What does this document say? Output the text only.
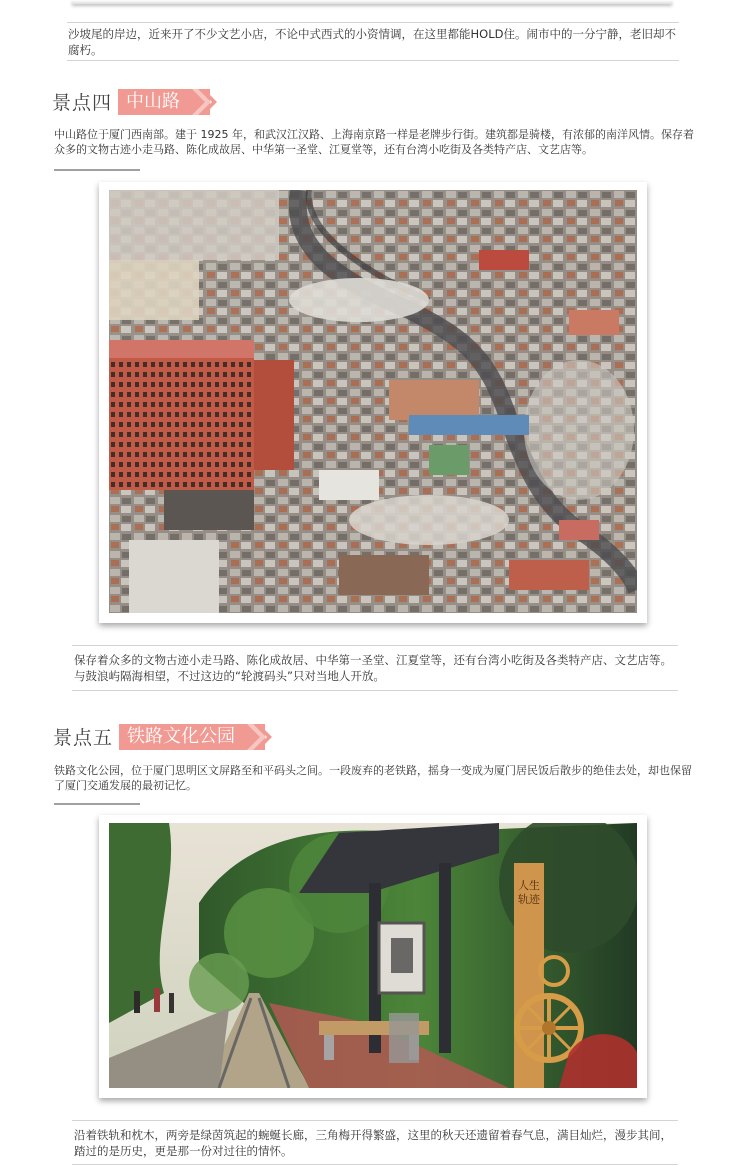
沙坡尾的岸边，近来开了不少文艺小店，不论中式西式的小资情调，在这里都能HOLD住。闹市中的一分宁静，老旧却不腐朽。
景点四 中山路
中山路位于厦门西南部。建于 1925 年，和武汉江汉路、上海南京路一样是老牌步行街。建筑都是骑楼，有浓郁的南洋风情。保存着众多的文物古迹小走马路、陈化成故居、中华第一圣堂、江夏堂等，还有台湾小吃街及各类特产店、文艺店等。
保存着众多的文物古迹小走马路、陈化成故居、中华第一圣堂、江夏堂等，还有台湾小吃街及各类特产店、文艺店等。与鼓浪屿隔海相望，不过这边的“轮渡码头”只对当地人开放。
景点五 铁路文化公园
铁路文化公园，位于厦门思明区文屏路至和平码头之间。一段废弃的老铁路，摇身一变成为厦门居民饭后散步的绝佳去处，却也保留了厦门交通发展的最初记忆。
人生轨迹
沿着铁轨和枕木，两旁是绿茵筑起的蜿蜒长廊，三角梅开得繁盛，这里的秋天还遗留着春气息，满目灿烂，漫步其间，踏过的是历史，更是那一份对过往的情怀。
